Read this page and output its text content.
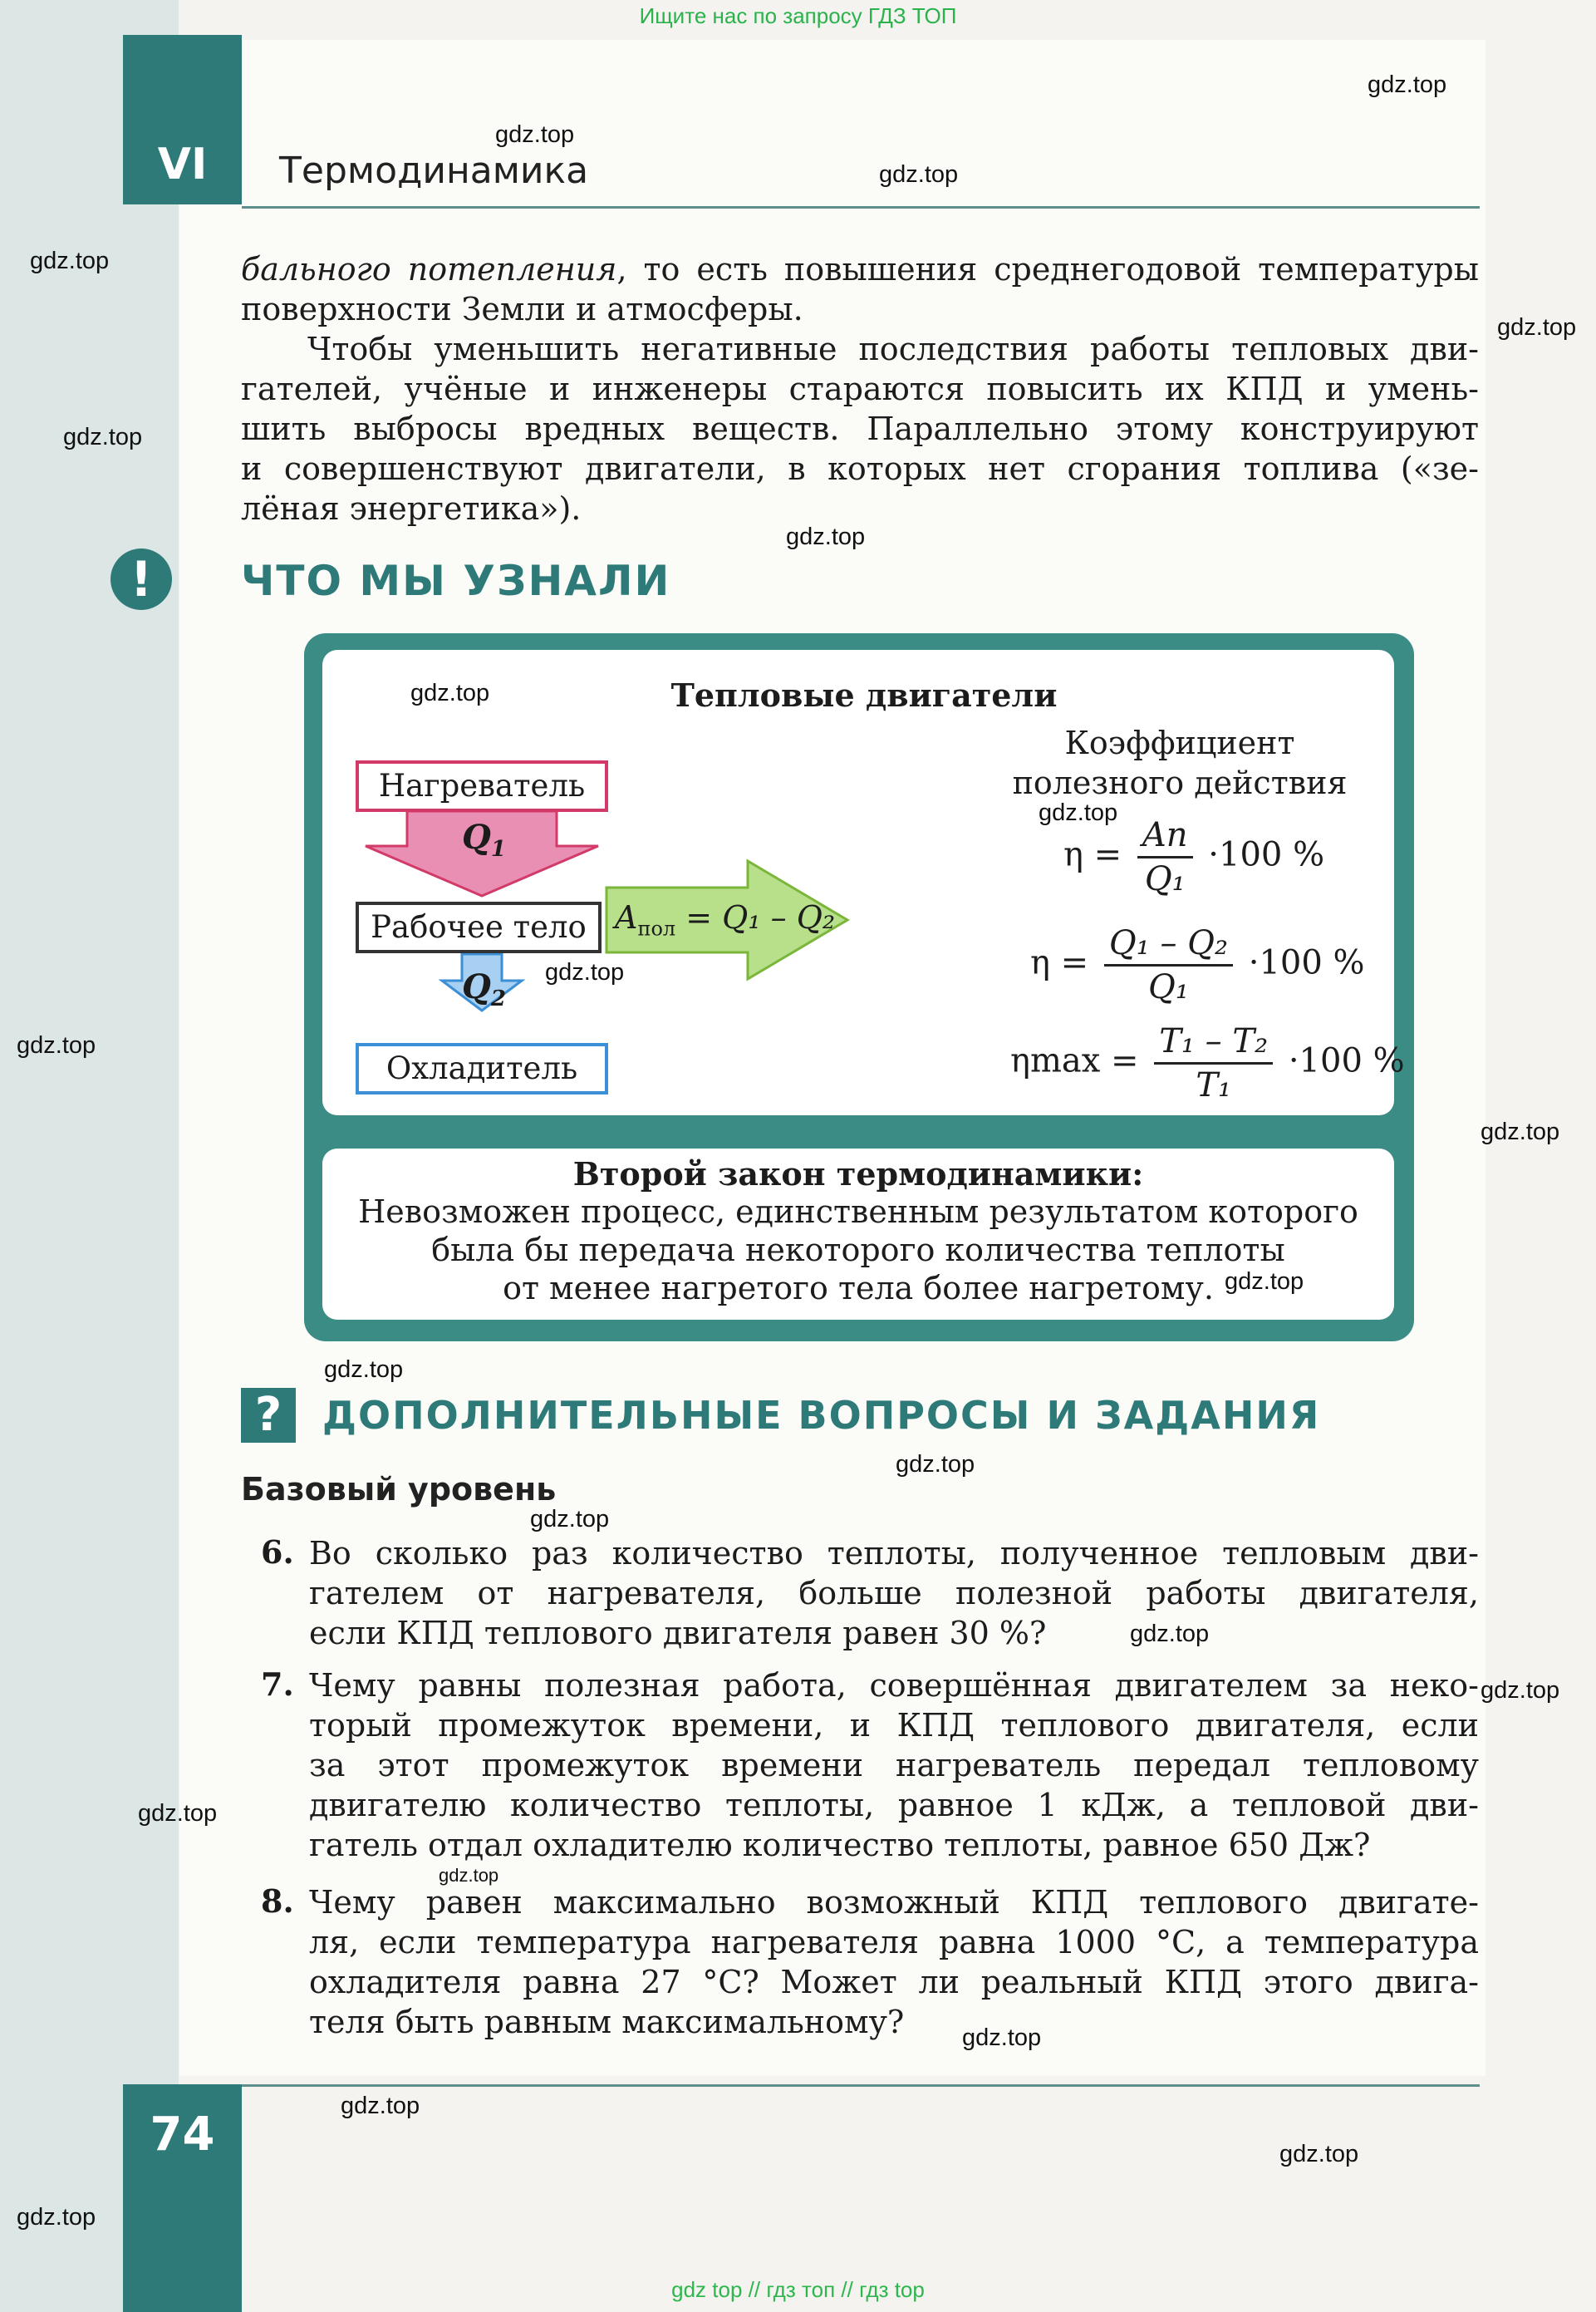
VI
74
Ищите нас по запросу ГДЗ ТОП
Термодинамика
бального потепления, то есть повышения среднегодовой температуры
поверхности Земли и атмосферы.
Чтобы уменьшить негативные последствия работы тепловых дви-
гателей, учёные и инженеры стараются повысить их КПД и умень-
шить выбросы вредных веществ. Параллельно этому конструируют
и совершенствуют двигатели, в которых нет сгорания топлива («зе-
лёная энергетика»).
!	ЧТО МЫ УЗНАЛИ
Тепловые двигатели
Нагреватель
Рабочее тело
Охладитель
$Q_1$
$Q_2$
$A_{пол} = Q_1 - Q_2$
Коэффициент
полезного действия
$\eta = \frac{Aп}{\text{Q₁}} \cdot 100$ %
$\eta = \frac{\text{Q₁ – Q₂}}{\text{Q₁}} \cdot 100$ %
$\eta\max = \frac{\text{T₁ – T₂}}{\text{T₁}} \cdot 100$ %
Второй закон термодинамики:
Невозможен процесс, единственным результатом которого
была бы передача некоторого количества теплоты
от менее нагретого тела более нагретому.
?	ДОПОЛНИТЕЛЬНЫЕ ВОПРОСЫ И ЗАДАНИЯ
Базовый уровень
6. Во сколько раз количество теплоты, полученное тепловым дви-
гателем от нагревателя, больше полезной работы двигателя,
если КПД теплового двигателя равен 30 %?
7. Чему равны полезная работа, совершённая двигателем за неко-
торый промежуток времени, и КПД теплового двигателя, если
за этот промежуток времени нагреватель передал тепловому
двигателю количество теплоты, равное 1 кДж, а тепловой дви-
гатель отдал охладителю количество теплоты, равное 650 Дж?
8. Чему равен максимально возможный КПД теплового двигате-
ля, если температура нагревателя равна 1000 °С, а температура
охладителя равна 27 °С? Может ли реальный КПД этого двига-
теля быть равным максимальному?
gdz.top
gdz.top
gdz.top
gdz.top
gdz.top
gdz.top
gdz.top
gdz.top
gdz.top
gdz.top
gdz.top
gdz.top
gdz.top
gdz.top
gdz.top
gdz.top
gdz.top
gdz.top
gdz.top
gdz.top
gdz.top
gdz.top
gdz.top
gdz.top
gdz top // гдз топ // гдз top
